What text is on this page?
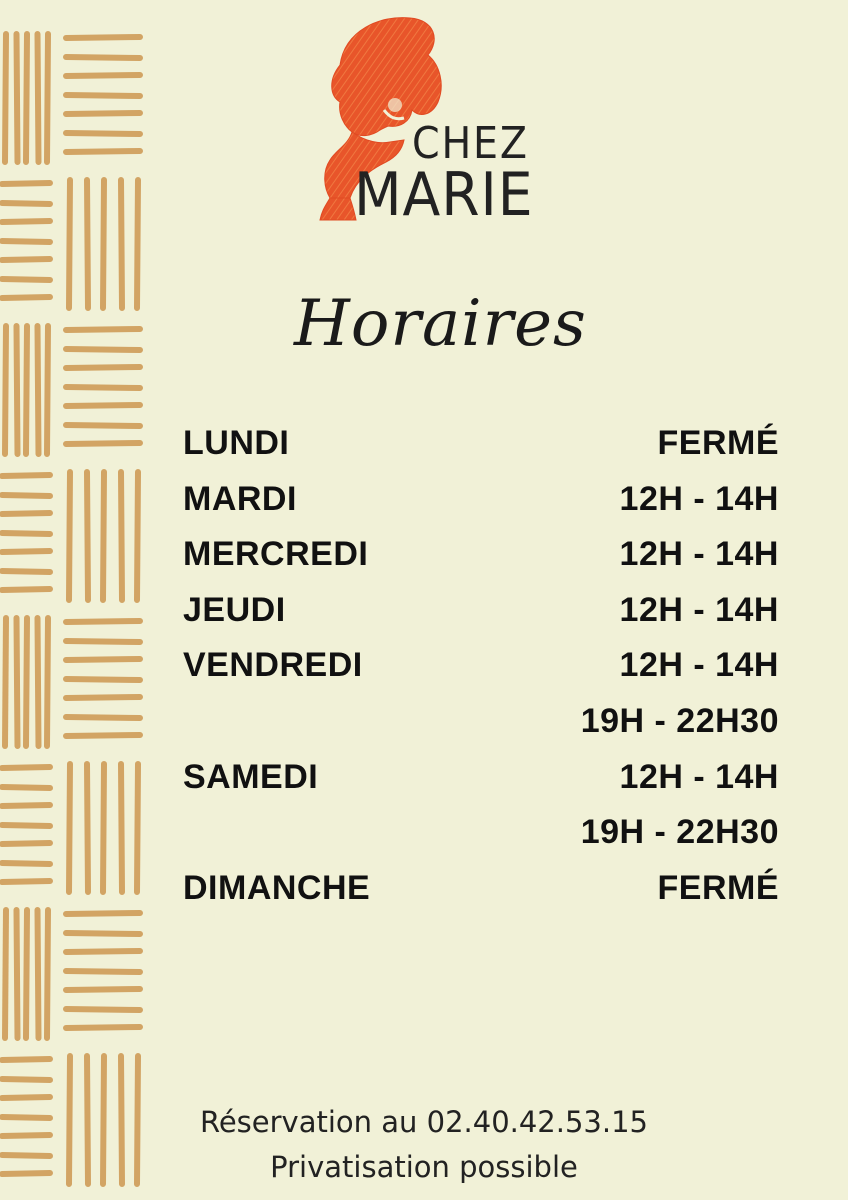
CHEZ
MARIE
Horaires
LUNDI	FERMÉ
MARDI	12H - 14H
MERCREDI	12H - 14H
JEUDI	12H - 14H
VENDREDI	12H - 14H
19H - 22H30
SAMEDI	12H - 14H
19H - 22H30
DIMANCHE	FERMÉ
Réservation au 02.40.42.53.15
Privatisation possible
